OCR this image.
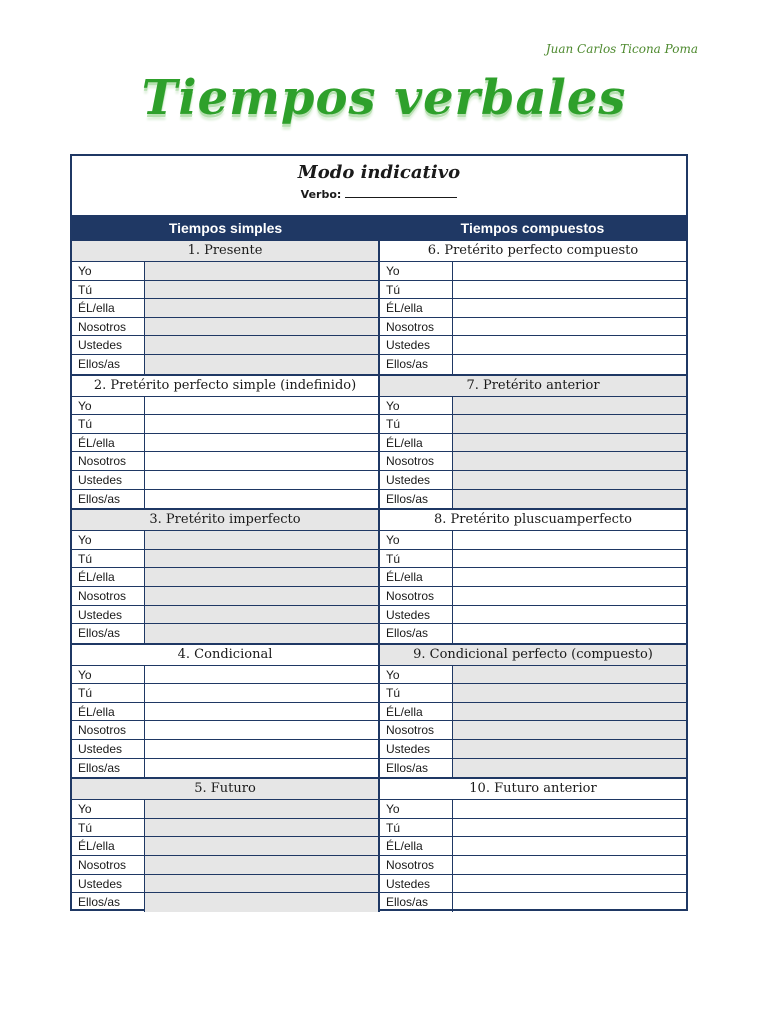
Juan Carlos Ticona Poma
Tiempos verbales
Modo indicativo
Verbo:
Tiempos simples	Tiempos compuestos
1. Presente
Yo
Tú
ÉL/ella
Nosotros
Ustedes
Ellos/as
2. Pretérito perfecto simple (indefinido)
Yo
Tú
ÉL/ella
Nosotros
Ustedes
Ellos/as
3. Pretérito imperfecto
Yo
Tú
ÉL/ella
Nosotros
Ustedes
Ellos/as
4. Condicional
Yo
Tú
ÉL/ella
Nosotros
Ustedes
Ellos/as
5. Futuro
Yo
Tú
ÉL/ella
Nosotros
Ustedes
Ellos/as
6. Pretérito perfecto compuesto
Yo
Tú
ÉL/ella
Nosotros
Ustedes
Ellos/as
7. Pretérito anterior
Yo
Tú
ÉL/ella
Nosotros
Ustedes
Ellos/as
8. Pretérito pluscuamperfecto
Yo
Tú
ÉL/ella
Nosotros
Ustedes
Ellos/as
9. Condicional perfecto (compuesto)
Yo
Tú
ÉL/ella
Nosotros
Ustedes
Ellos/as
10. Futuro anterior
Yo
Tú
ÉL/ella
Nosotros
Ustedes
Ellos/as
